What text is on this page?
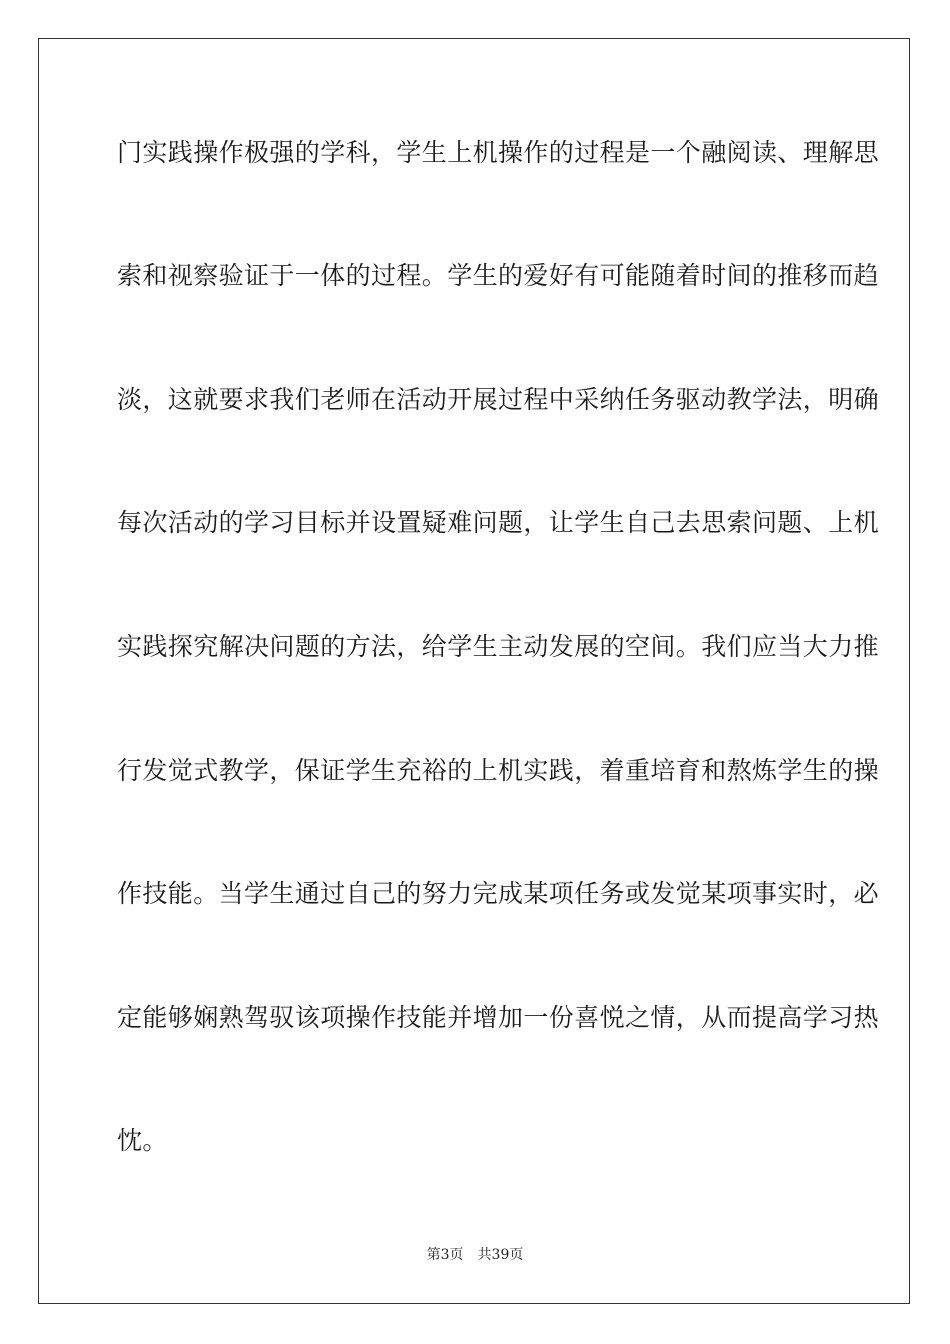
门实践操作极强的学科，学生上机操作的过程是一个融阅读、理解思
索和视察验证于一体的过程。学生的爱好有可能随着时间的推移而趋
淡，这就要求我们老师在活动开展过程中采纳任务驱动教学法，明确
每次活动的学习目标并设置疑难问题，让学生自己去思索问题、上机
实践探究解决问题的方法，给学生主动发展的空间。我们应当大力推
行发觉式教学，保证学生充裕的上机实践，着重培育和熬炼学生的操
作技能。当学生通过自己的努力完成某项任务或发觉某项事实时，必
定能够娴熟驾驭该项操作技能并增加一份喜悦之情，从而提高学习热
忱。
第3页 共39页
